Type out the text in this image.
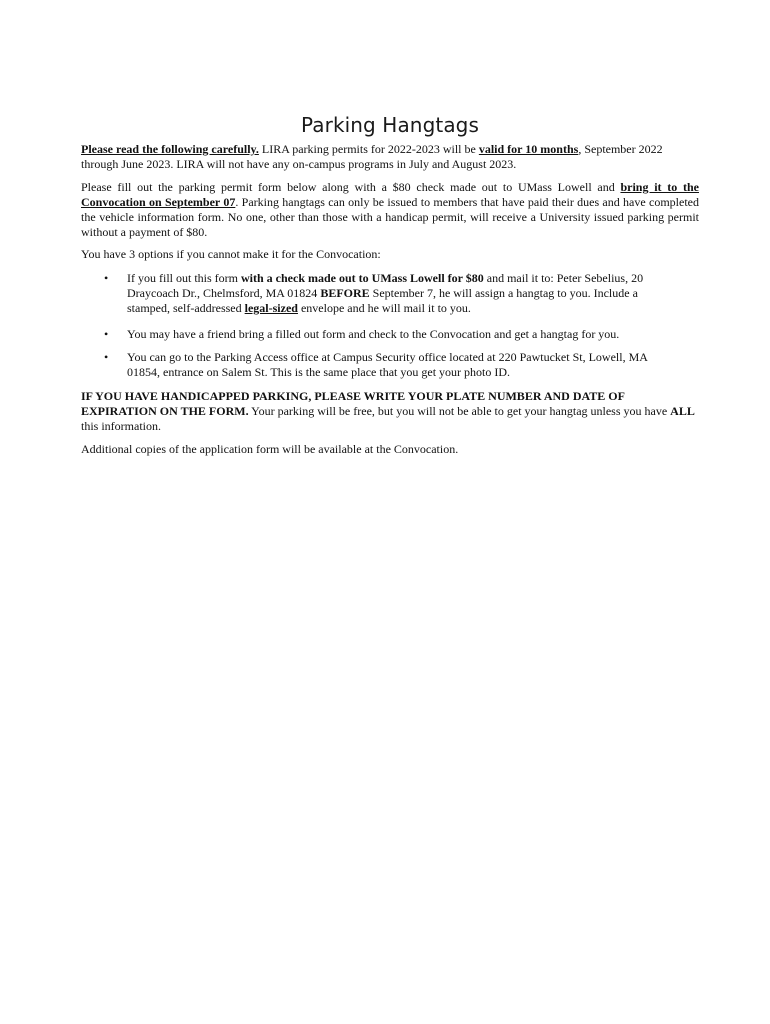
Parking Hangtags

Please read the following carefully. LIRA parking permits for 2022-2023 will be valid for 10 months, September 2022 through June 2023. LIRA will not have any on-campus programs in July and August 2023.

Please fill out the parking permit form below along with a $80 check made out to UMass Lowell and bring it to the Convocation on September 07. Parking hangtags can only be issued to members that have paid their dues and have completed the vehicle information form. No one, other than those with a handicap permit, will receive a University issued parking permit without a payment of $80.

You have 3 options if you cannot make it for the Convocation:

•	If you fill out this form with a check made out to UMass Lowell for $80 and mail it to: Peter Sebelius, 20 Draycoach Dr., Chelmsford, MA 01824 BEFORE September 7, he will assign a hangtag to you. Include a stamped, self-addressed legal-sized envelope and he will mail it to you.

•	You may have a friend bring a filled out form and check to the Convocation and get a hangtag for you.

•	You can go to the Parking Access office at Campus Security office located at 220 Pawtucket St, Lowell, MA 01854, entrance on Salem St. This is the same place that you get your photo ID.

IF YOU HAVE HANDICAPPED PARKING, PLEASE WRITE YOUR PLATE NUMBER AND DATE OF EXPIRATION ON THE FORM. Your parking will be free, but you will not be able to get your hangtag unless you have ALL this information.

Additional copies of the application form will be available at the Convocation.
